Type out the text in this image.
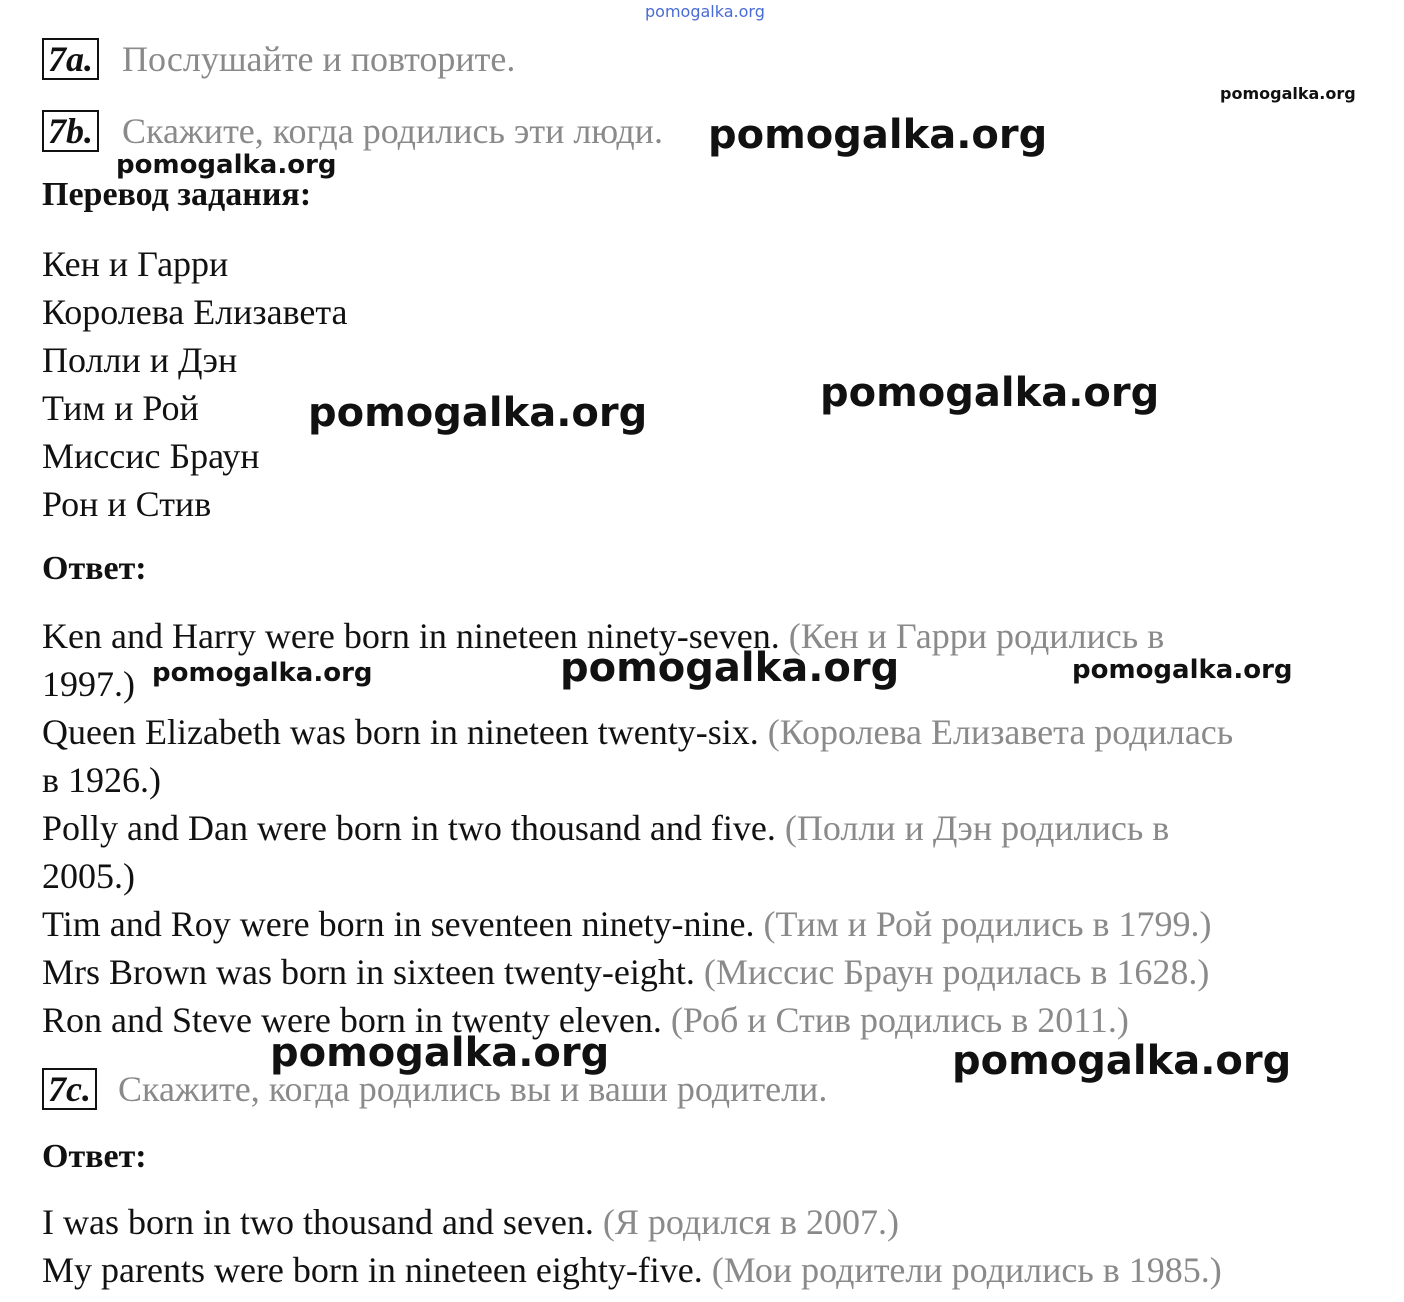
pomogalka.org
pomogalka.org
7a. Послушайте и повторите.
7b. Скажите, когда родились эти люди. pomogalka.org
pomogalka.org
Перевод задания:
Кен и Гарри
Королева Елизавета
Полли и Дэн
Тим и Рой
Миссис Браун
Рон и Стив
pomogalka.org	pomogalka.org
Ответ:
Ken and Harry were born in nineteen ninety-seven. (Кен и Гарри родились в
1997.)
Queen Elizabeth was born in nineteen twenty-six. (Королева Елизавета родилась
в 1926.)
Polly and Dan were born in two thousand and five. (Полли и Дэн родились в
2005.)
Tim and Roy were born in seventeen ninety-nine. (Тим и Рой родились в 1799.)
Mrs Brown was born in sixteen twenty-eight. (Миссис Браун родилась в 1628.)
Ron and Steve were born in twenty eleven. (Роб и Стив родились в 2011.)
pomogalka.org	pomogalka.org	pomogalka.org
pomogalka.org	pomogalka.org
7c. Скажите, когда родились вы и ваши родители.
Ответ:
I was born in two thousand and seven. (Я родился в 2007.)
My parents were born in nineteen eighty-five. (Мои родители родились в 1985.)
